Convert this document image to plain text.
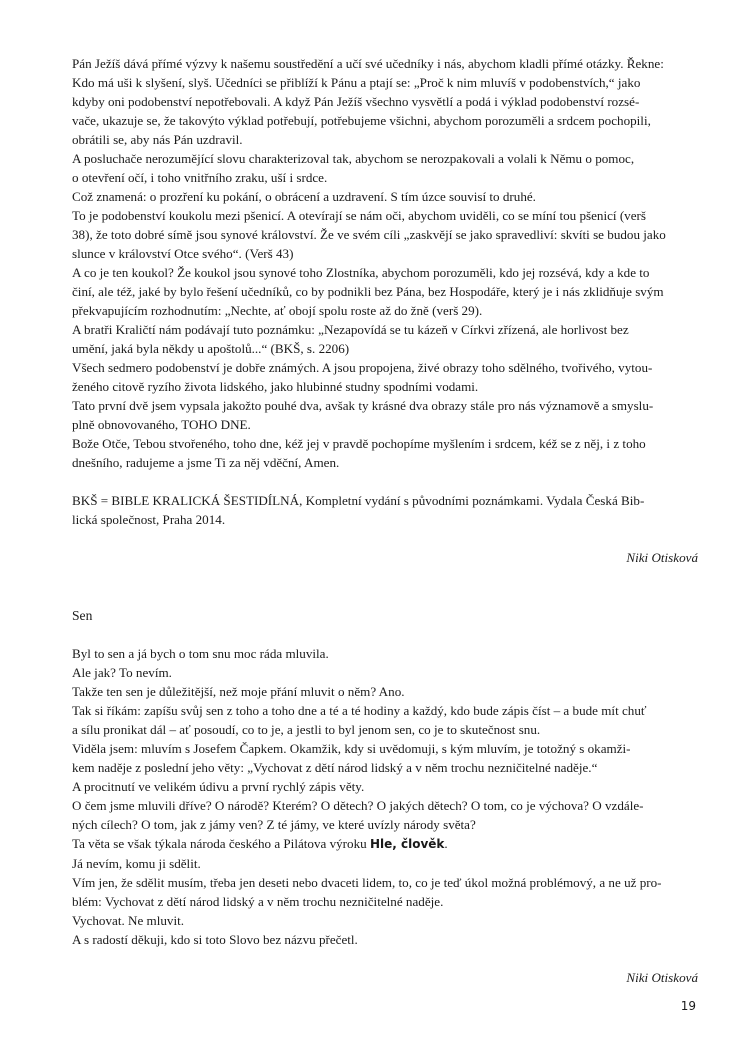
Pán Ježíš dává přímé výzvy k našemu soustředění a učí své učedníky i nás, abychom kladli přímé otázky. Řekne:

Kdo má uši k slyšení, slyš. Učedníci se přiblíží k Pánu a ptají se: „Proč k nim mluvíš v podobenstvích,“ jako

kdyby oni podobenství nepotřebovali. A když Pán Ježíš všechno vysvětlí a podá i výklad podobenství rozsé-

vače, ukazuje se, že takovýto výklad potřebují, potřebujeme všichni, abychom porozuměli a srdcem pochopili,

obrátili se, aby nás Pán uzdravil.

A posluchače nerozumějící slovu charakterizoval tak, abychom se nerozpakovali a volali k Němu o pomoc,

o otevření očí, i toho vnitřního zraku, uší i srdce.

Což znamená: o prozření ku pokání, o obrácení a uzdravení. S tím úzce souvisí to druhé.

To je podobenství koukolu mezi pšenicí. A otevírají se nám oči, abychom uviděli, co se míní tou pšenicí (verš

38), že toto dobré símě jsou synové království. Že ve svém cíli „zaskvějí se jako spravedliví: skvíti se budou jako

slunce v království Otce svého“. (Verš 43)

A co je ten koukol? Že koukol jsou synové toho Zlostníka, abychom porozuměli, kdo jej rozsévá, kdy a kde to

činí, ale též, jaké by bylo řešení učedníků, co by podnikli bez Pána, bez Hospodáře, který je i nás zklidňuje svým

překvapujícím rozhodnutím: „Nechte, ať obojí spolu roste až do žně (verš 29).

A bratři Kraličtí nám podávají tuto poznámku: „Nezapovídá se tu kázeň v Církvi zřízená, ale horlivost bez

umění, jaká byla někdy u apoštolů...“ (BKŠ, s. 2206)

Všech sedmero podobenství je dobře známých. A jsou propojena, živé obrazy toho sdělného, tvořivého, vytou-

ženého citově ryzího života lidského, jako hlubinné studny spodními vodami.

Tato první dvě jsem vypsala jakožto pouhé dva, avšak ty krásné dva obrazy stále pro nás významově a smyslu-

plně obnovovaného, TOHO DNE.

Bože Otče, Tebou stvořeného, toho dne, kéž jej v pravdě pochopíme myšlením i srdcem, kéž se z něj, i z toho

dnešního, radujeme a jsme Ti za něj vděční, Amen.

BKŠ = BIBLE KRALICKÁ ŠESTIDÍLNÁ, Kompletní vydání s původními poznámkami. Vydala Česká Bib-

lická společnost, Praha 2014.

Niki Otisková

Sen

Byl to sen a já bych o tom snu moc ráda mluvila.

Ale jak? To nevím.

Takže ten sen je důležitější, než moje přání mluvit o něm? Ano.

Tak si říkám: zapíšu svůj sen z toho a toho dne a té a té hodiny a každý, kdo bude zápis číst – a bude mít chuť

a sílu pronikat dál – ať posoudí, co to je, a jestli to byl jenom sen, co je to skutečnost snu.

Viděla jsem: mluvím s Josefem Čapkem. Okamžik, kdy si uvědomuji, s kým mluvím, je totožný s okamži-

kem naděje z poslední jeho věty: „Vychovat z dětí národ lidský a v něm trochu nezničitelné naděje.“

A procitnutí ve velikém údivu a první rychlý zápis věty.

O čem jsme mluvili dříve? O národě? Kterém? O dětech? O jakých dětech? O tom, co je výchova? O vzdále-

ných cílech? O tom, jak z jámy ven? Z té jámy, ve které uvízly národy světa?

Ta věta se však týkala národa českého a Pilátova výroku Hle, člověk.

Já nevím, komu ji sdělit.

Vím jen, že sdělit musím, třeba jen deseti nebo dvaceti lidem, to, co je teď úkol možná problémový, a ne už pro-

blém: Vychovat z dětí národ lidský a v něm trochu nezničitelné naděje.

Vychovat. Ne mluvit.

A s radostí děkuji, kdo si toto Slovo bez názvu přečetl.

Niki Otisková

19
